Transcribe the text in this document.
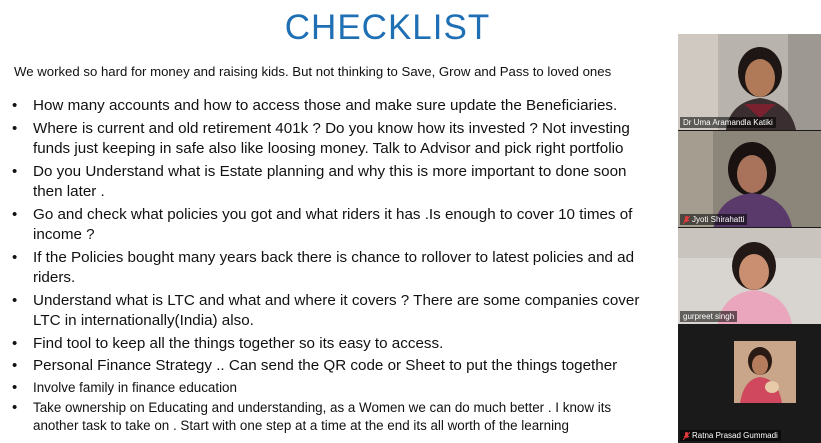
CHECKLIST
We worked so hard for money and raising kids. But not thinking to Save, Grow and Pass to loved ones
• How many accounts and how to access those and make sure update the Beneficiaries.
• Where is current and old retirement 401k ? Do you know how its invested ? Not investing
funds just keeping in safe also like loosing money. Talk to Advisor and pick right portfolio
• Do you Understand what is Estate planning and why this is more important to done soon
then later .
• Go and check what policies you got and what riders it has .Is enough to cover 10 times of
income ?
• If the Policies bought many years back there is chance to rollover to latest policies and ad
riders.
• Understand what is LTC and what and where it covers ? There are some companies cover
LTC in internationally(India) also.
• Find tool to keep all the things together so its easy to access.
• Personal Finance Strategy .. Can send the QR code or Sheet to put the things together
• Involve family in finance education
• Take ownership on Educating and understanding, as a Women we can do much better . I know its
another task to take on . Start with one step at a time at the end its all worth of the learning
Dr Uma Aramandla Katiki
Jyoti Shirahatti
gurpreet singh
Ratna Prasad Gummadi
